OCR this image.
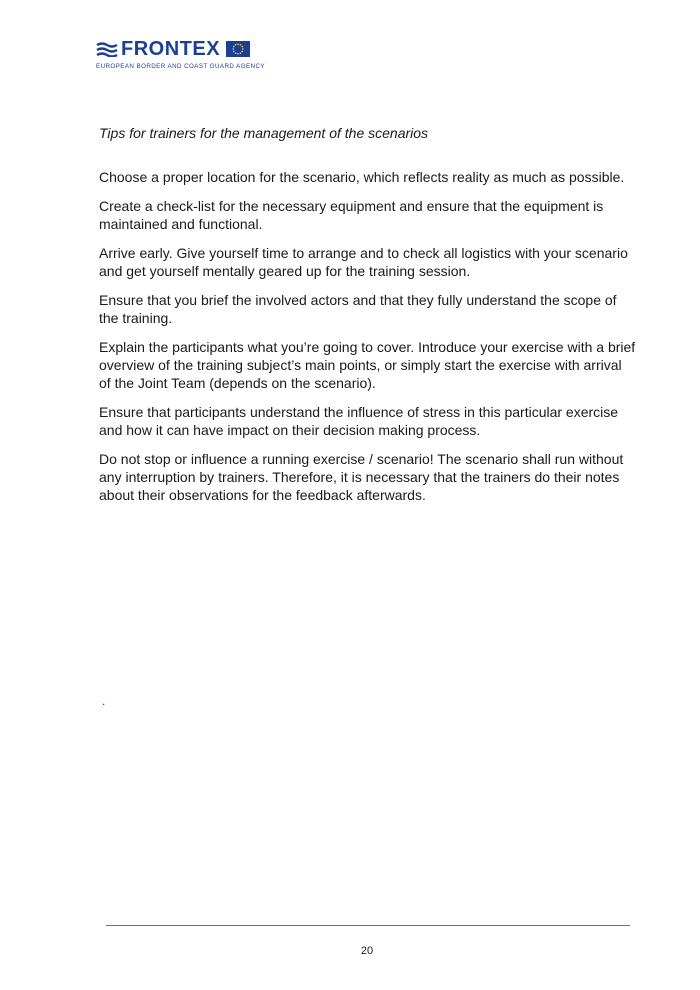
FRONTEX
EUROPEAN BORDER AND COAST GUARD AGENCY
Tips for trainers for the management of the scenarios
Choose a proper location for the scenario, which reflects reality as much as possible.
Create a check-list for the necessary equipment and ensure that the equipment is maintained and functional.
Arrive early. Give yourself time to arrange and to check all logistics with your scenario and get yourself mentally geared up for the training session.
Ensure that you brief the involved actors and that they fully understand the scope of the training.
Explain the participants what you’re going to cover. Introduce your exercise with a brief overview of the training subject’s main points, or simply start the exercise with arrival of the Joint Team (depends on the scenario).
Ensure that participants understand the influence of stress in this particular exercise and how it can have impact on their decision making process.
Do not stop or influence a running exercise / scenario! The scenario shall run without any interruption by trainers. Therefore, it is necessary that the trainers do their notes about their observations for the feedback afterwards.
.
20
